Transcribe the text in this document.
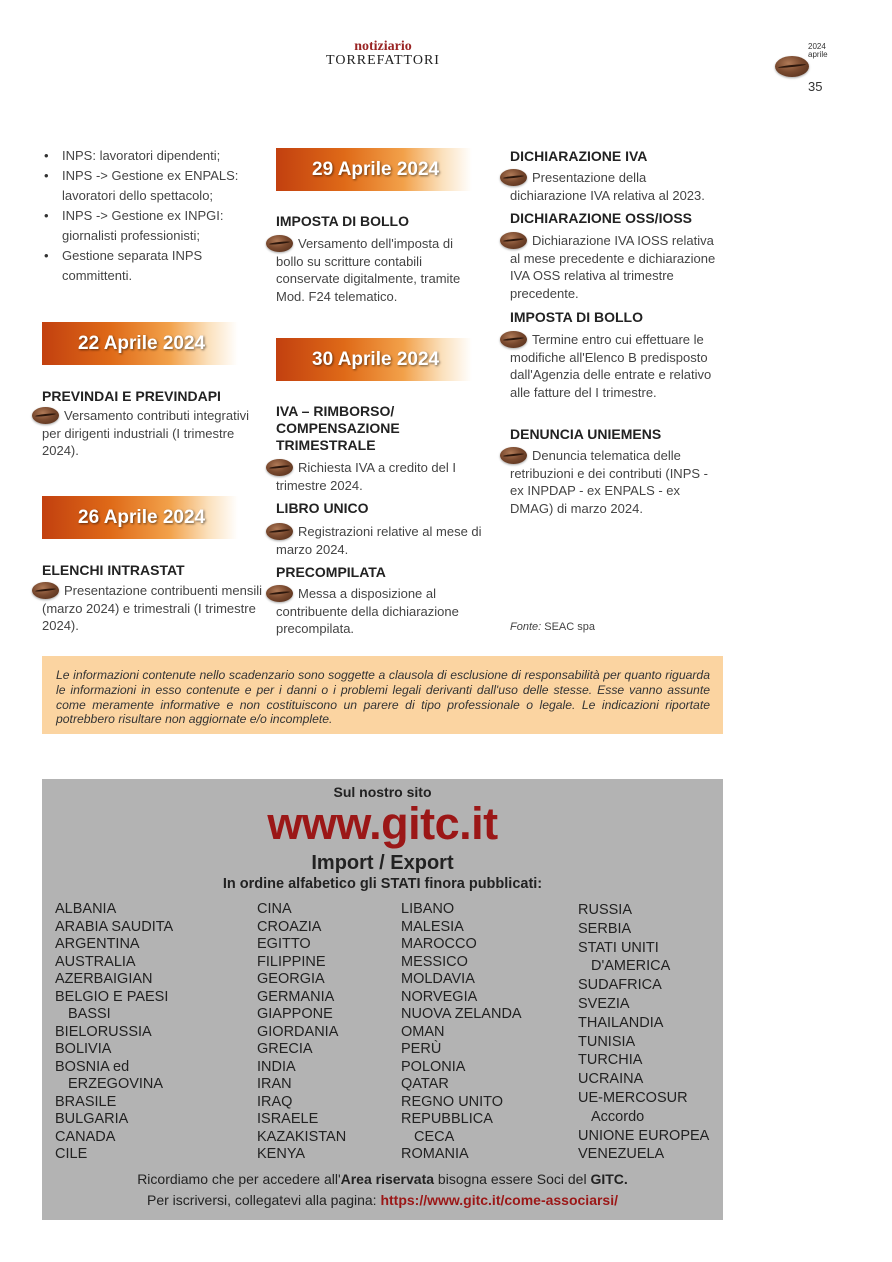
notiziario
TORREFATTORI
2024
aprile
35
• INPS: lavoratori dipendenti;
• INPS -> Gestione ex ENPALS: lavoratori dello spettacolo;
• INPS -> Gestione ex INPGI: giornalisti professionisti;
• Gestione separata INPS committenti.
22 Aprile 2024
PREVINDAI E PREVINDAPI
Versamento contributi integrativi per dirigenti industriali (I trimestre 2024).
26 Aprile 2024
ELENCHI INTRASTAT
Presentazione contribuenti mensili (marzo 2024) e trimestrali (I trimestre 2024).
29 Aprile 2024
IMPOSTA DI BOLLO
Versamento dell'imposta di bollo su scritture contabili conservate digitalmente, tramite Mod. F24 telematico.
30 Aprile 2024
IVA – RIMBORSO/ COMPENSAZIONE TRIMESTRALE
Richiesta IVA a credito del I trimestre 2024.
LIBRO UNICO
Registrazioni relative al mese di marzo 2024.
PRECOMPILATA
Messa a disposizione al contribuente della dichiarazione precompilata.
DICHIARAZIONE IVA
Presentazione della dichiarazione IVA relativa al 2023.
DICHIARAZIONE OSS/IOSS
Dichiarazione IVA IOSS relativa al mese precedente e dichiarazione IVA OSS relativa al trimestre precedente.
IMPOSTA DI BOLLO
Termine entro cui effettuare le modifiche all'Elenco B predisposto dall'Agenzia delle entrate e relativo alle fatture del I trimestre.
DENUNCIA UNIEMENS
Denuncia telematica delle retribuzioni e dei contributi (INPS - ex INPDAP - ex ENPALS - ex DMAG) di marzo 2024.
Fonte: SEAC spa
Le informazioni contenute nello scadenzario sono soggette a clausola di esclusione di responsabilità per quanto riguarda le informazioni in esso contenute e per i danni o i problemi legali derivanti dall'uso delle stesse. Esse vanno assunte come meramente informative e non costituiscono un parere di tipo professionale o legale. Le indicazioni riportate potrebbero risultare non aggiornate e/o incomplete.
Sul nostro sito
www.gitc.it
Import / Export
In ordine alfabetico gli STATI finora pubblicati:
ALBANIA
ARABIA SAUDITA
ARGENTINA
AUSTRALIA
AZERBAIGIAN
BELGIO E PAESI
BASSI
BIELORUSSIA
BOLIVIA
BOSNIA ed
ERZEGOVINA
BRASILE
BULGARIA
CANADA
CILE
CINA
CROAZIA
EGITTO
FILIPPINE
GEORGIA
GERMANIA
GIAPPONE
GIORDANIA
GRECIA
INDIA
IRAN
IRAQ
ISRAELE
KAZAKISTAN
KENYA
LIBANO
MALESIA
MAROCCO
MESSICO
MOLDAVIA
NORVEGIA
NUOVA ZELANDA
OMAN
PERÙ
POLONIA
QATAR
REGNO UNITO
REPUBBLICA
CECA
ROMANIA
RUSSIA
SERBIA
STATI UNITI
D'AMERICA
SUDAFRICA
SVEZIA
THAILANDIA
TUNISIA
TURCHIA
UCRAINA
UE-MERCOSUR
Accordo
UNIONE EUROPEA
VENEZUELA
Ricordiamo che per accedere all'Area riservata bisogna essere Soci del GITC.
Per iscriversi, collegatevi alla pagina: https://www.gitc.it/come-associarsi/
